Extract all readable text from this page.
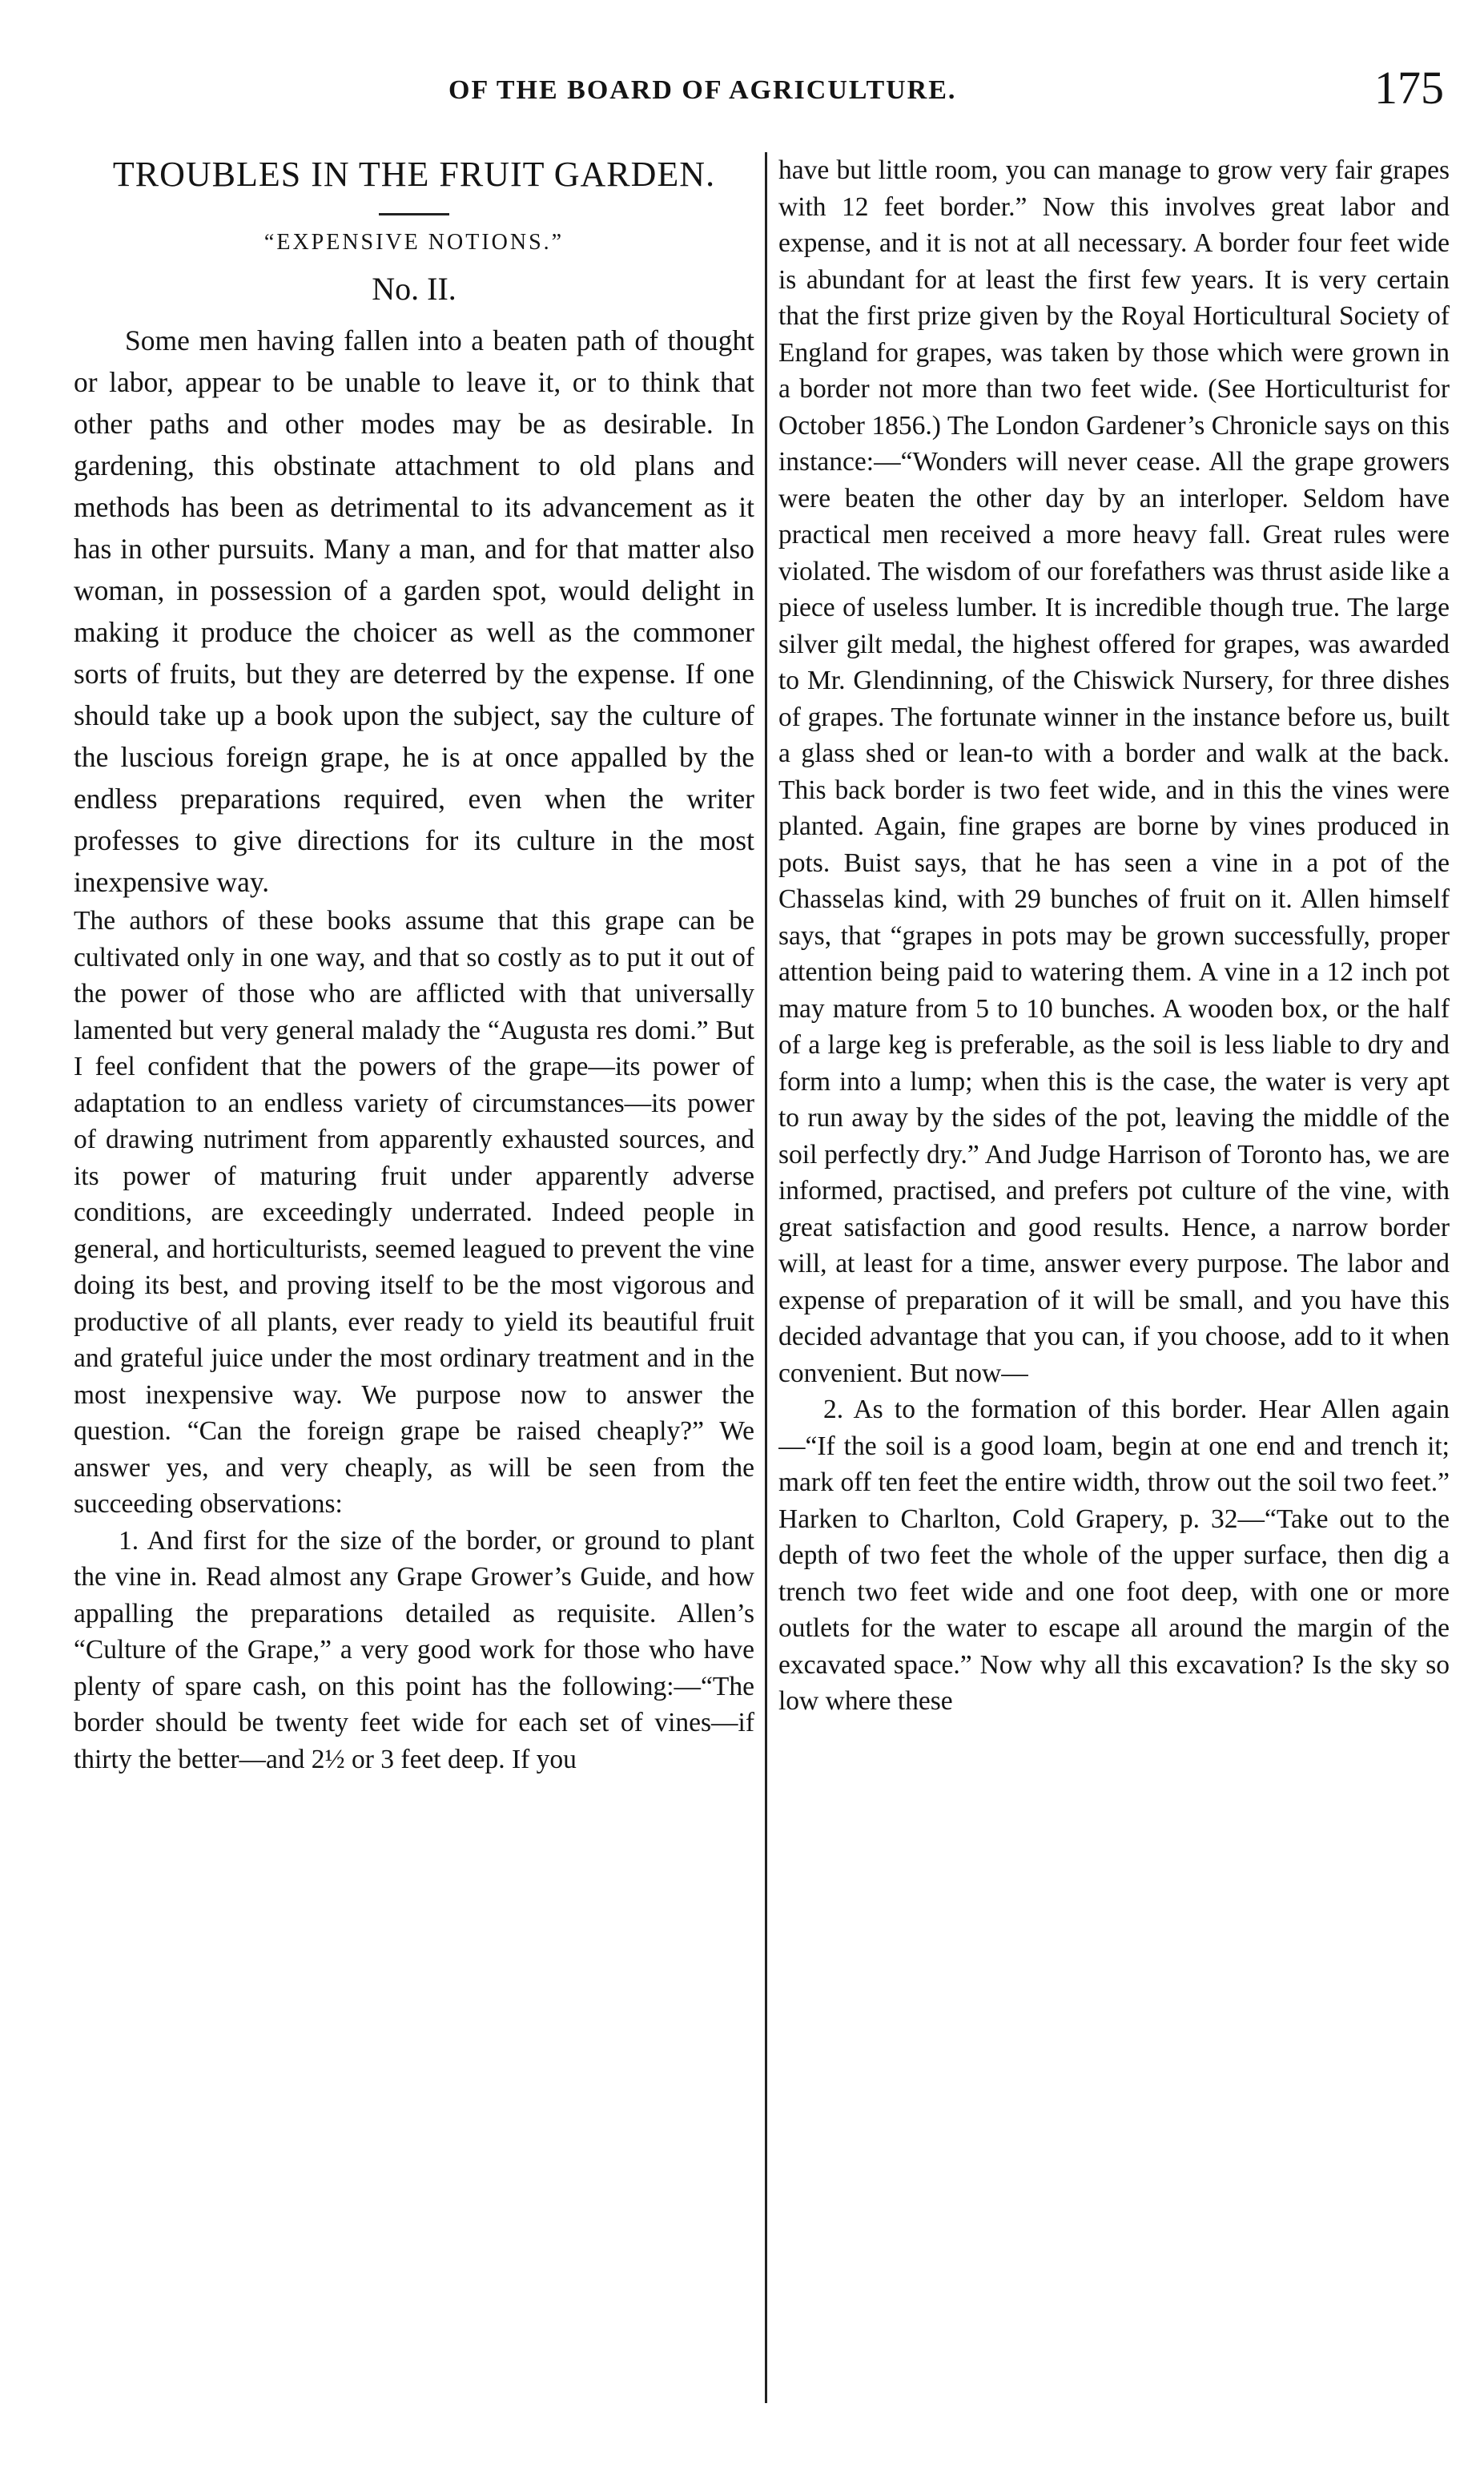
OF THE BOARD OF AGRICULTURE.	175
TROUBLES IN THE FRUIT GARDEN.

“EXPENSIVE NOTIONS.”

No. II.

Some men having fallen into a beaten path of thought or labor, appear to be unable to leave it, or to think that other paths and other modes may be as desirable. In gardening, this obstinate attachment to old plans and methods has been as detrimental to its advancement as it has in other pursuits. Many a man, and for that matter also woman, in possession of a garden spot, would delight in making it produce the choicer as well as the commoner sorts of fruits, but they are deterred by the expense. If one should take up a book upon the subject, say the culture of the luscious foreign grape, he is at once appalled by the endless preparations required, even when the writer professes to give directions for its culture in the most inexpensive way.

The authors of these books assume that this grape can be cultivated only in one way, and that so costly as to put it out of the power of those who are afflicted with that universally lamented but very general malady the “Augusta res domi.” But I feel confident that the powers of the grape—its power of adaptation to an endless variety of circumstances—its power of drawing nutriment from apparently exhausted sources, and its power of maturing fruit under apparently adverse conditions, are exceedingly underrated. Indeed people in general, and horticulturists, seemed leagued to prevent the vine doing its best, and proving itself to be the most vigorous and productive of all plants, ever ready to yield its beautiful fruit and grateful juice under the most ordinary treatment and in the most inexpensive way. We purpose now to answer the question. “Can the foreign grape be raised cheaply?” We answer yes, and very cheaply, as will be seen from the succeeding observations:

1. And first for the size of the border, or ground to plant the vine in. Read almost any Grape Grower’s Guide, and how appalling the preparations detailed as requisite. Allen’s “Culture of the Grape,” a very good work for those who have plenty of spare cash, on this point has the following:—“The border should be twenty feet wide for each set of vines—if thirty the better—and 2½ or 3 feet deep. If you

have but little room, you can manage to grow very fair grapes with 12 feet border.” Now this involves great labor and expense, and it is not at all necessary. A border four feet wide is abundant for at least the first few years. It is very certain that the first prize given by the Royal Horticultural Society of England for grapes, was taken by those which were grown in a border not more than two feet wide. (See Horticulturist for October 1856.) The London Gardener’s Chronicle says on this instance:—“Wonders will never cease. All the grape growers were beaten the other day by an interloper. Seldom have practical men received a more heavy fall. Great rules were violated. The wisdom of our forefathers was thrust aside like a piece of useless lumber. It is incredible though true. The large silver gilt medal, the highest offered for grapes, was awarded to Mr. Glendinning, of the Chiswick Nursery, for three dishes of grapes. The fortunate winner in the instance before us, built a glass shed or lean-to with a border and walk at the back. This back border is two feet wide, and in this the vines were planted. Again, fine grapes are borne by vines produced in pots. Buist says, that he has seen a vine in a pot of the Chasselas kind, with 29 bunches of fruit on it. Allen himself says, that “grapes in pots may be grown successfully, proper attention being paid to watering them. A vine in a 12 inch pot may mature from 5 to 10 bunches. A wooden box, or the half of a large keg is preferable, as the soil is less liable to dry and form into a lump; when this is the case, the water is very apt to run away by the sides of the pot, leaving the middle of the soil perfectly dry.” And Judge Harrison of Toronto has, we are informed, practised, and prefers pot culture of the vine, with great satisfaction and good results. Hence, a narrow border will, at least for a time, answer every purpose. The labor and expense of preparation of it will be small, and you have this decided advantage that you can, if you choose, add to it when convenient. But now—

2. As to the formation of this border. Hear Allen again—“If the soil is a good loam, begin at one end and trench it; mark off ten feet the entire width, throw out the soil two feet.” Harken to Charlton, Cold Grapery, p. 32—“Take out to the depth of two feet the whole of the upper surface, then dig a trench two feet wide and one foot deep, with one or more outlets for the water to escape all around the margin of the excavated space.” Now why all this excavation? Is the sky so low where these
